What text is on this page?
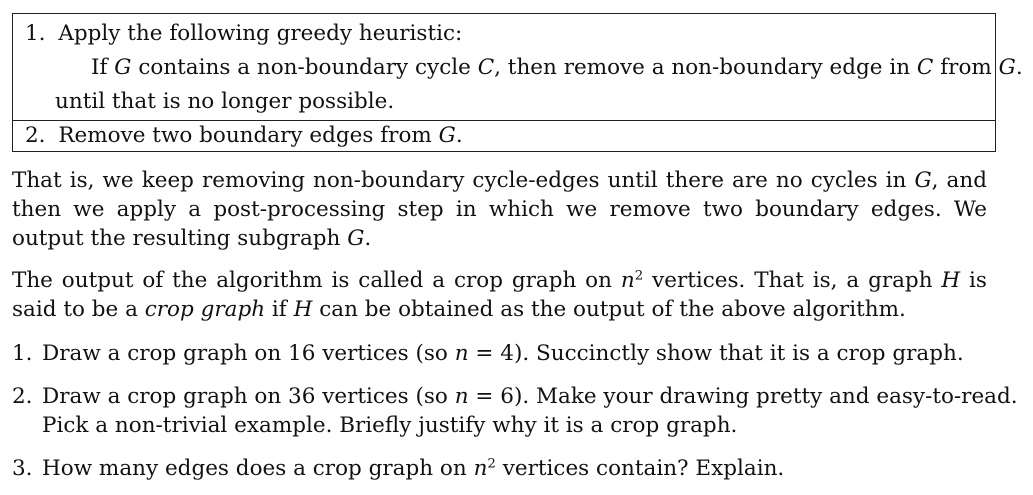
1. Apply the following greedy heuristic:
If G contains a non-boundary cycle C, then remove a non-boundary edge in C from G.
until that is no longer possible.
2. Remove two boundary edges from G.
That is, we keep removing non-boundary cycle-edges until there are no cycles in G, and then we apply a post-processing step in which we remove two boundary edges. We output the resulting subgraph G.
The output of the algorithm is called a crop graph on $n^2$ vertices. That is, a graph H is said to be a crop graph if H can be obtained as the output of the above algorithm.
1. Draw a crop graph on 16 vertices (so n = 4). Succinctly show that it is a crop graph.
2. Draw a crop graph on 36 vertices (so n = 6). Make your drawing pretty and easy-to-read.
Pick a non-trivial example. Briefly justify why it is a crop graph.
3. How many edges does a crop graph on $n^2$ vertices contain? Explain.
